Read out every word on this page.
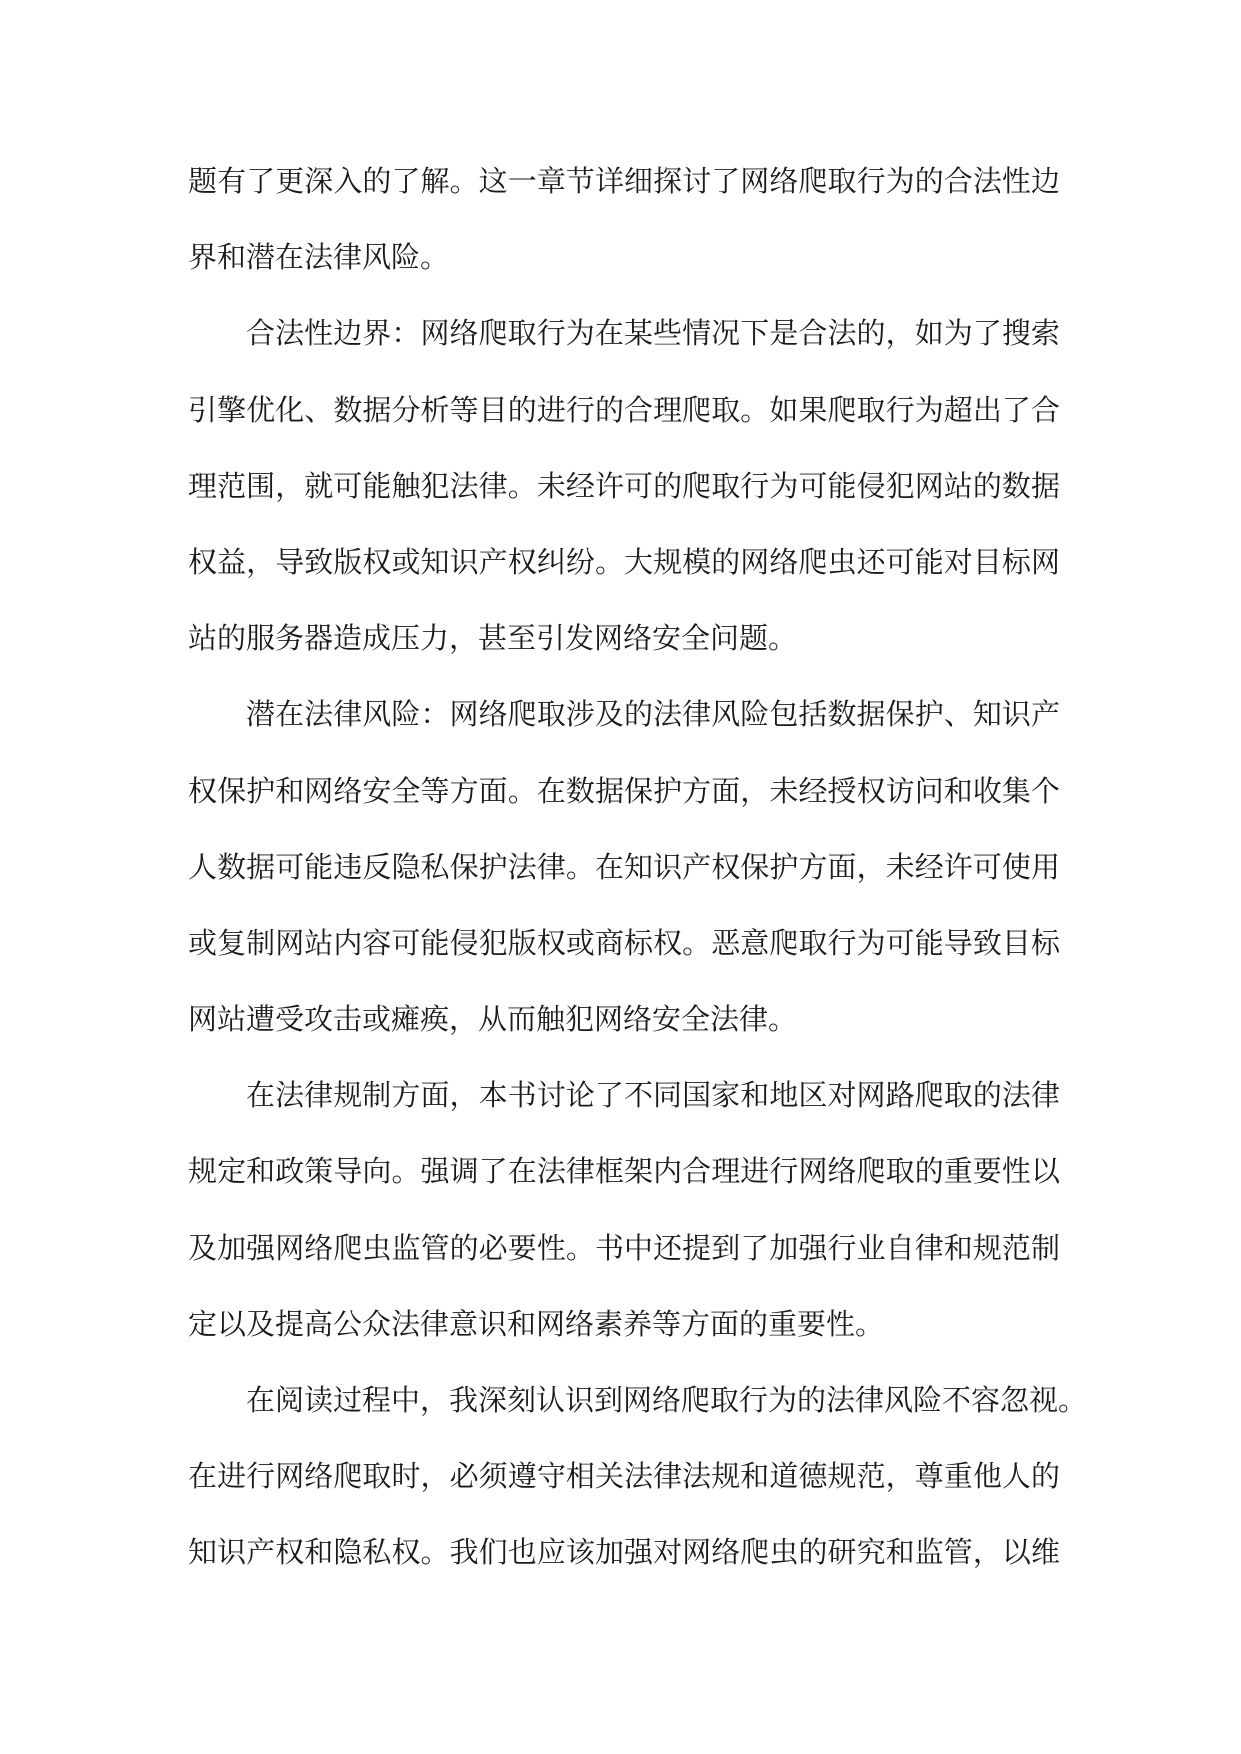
题有了更深入的了解。这一章节详细探讨了网络爬取行为的合法性边
界和潜在法律风险。
合法性边界：网络爬取行为在某些情况下是合法的，如为了搜索
引擎优化、数据分析等目的进行的合理爬取。如果爬取行为超出了合
理范围，就可能触犯法律。未经许可的爬取行为可能侵犯网站的数据
权益，导致版权或知识产权纠纷。大规模的网络爬虫还可能对目标网
站的服务器造成压力，甚至引发网络安全问题。
潜在法律风险：网络爬取涉及的法律风险包括数据保护、知识产
权保护和网络安全等方面。在数据保护方面，未经授权访问和收集个
人数据可能违反隐私保护法律。在知识产权保护方面，未经许可使用
或复制网站内容可能侵犯版权或商标权。恶意爬取行为可能导致目标
网站遭受攻击或瘫痪，从而触犯网络安全法律。
在法律规制方面，本书讨论了不同国家和地区对网路爬取的法律
规定和政策导向。强调了在法律框架内合理进行网络爬取的重要性以
及加强网络爬虫监管的必要性。书中还提到了加强行业自律和规范制
定以及提高公众法律意识和网络素养等方面的重要性。
在阅读过程中，我深刻认识到网络爬取行为的法律风险不容忽视。
在进行网络爬取时，必须遵守相关法律法规和道德规范，尊重他人的
知识产权和隐私权。我们也应该加强对网络爬虫的研究和监管，以维
